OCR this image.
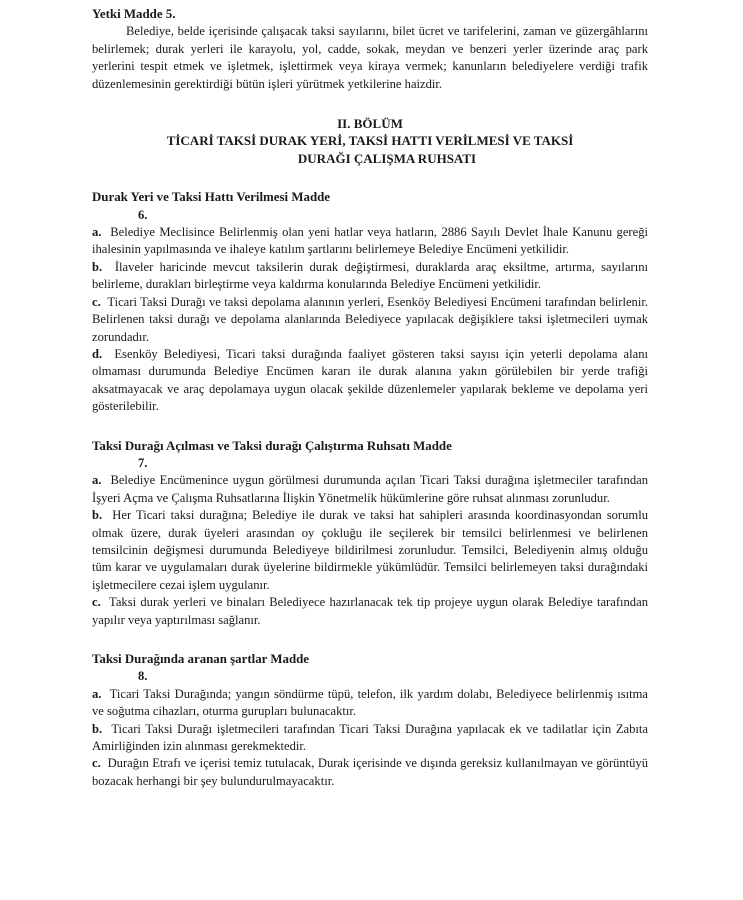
Yetki Madde 5.

Belediye, belde içerisinde çalışacak taksi sayılarını, bilet ücret ve tarifelerini, zaman ve güzergâhlarını belirlemek; durak yerleri ile karayolu, yol, cadde, sokak, meydan ve benzeri yerler üzerinde araç park yerlerini tespit etmek ve işletmek, işlettirmek veya kiraya vermek; kanunların belediyelere verdiği trafik düzenlemesinin gerektirdiği bütün işleri yürütmek yetkilerine haizdir.

II. BÖLÜM

TİCARİ TAKSİ DURAK YERİ, TAKSİ HATTI VERİLMESİ VE TAKSİ

DURAĞI ÇALIŞMA RUHSATI

Durak Yeri ve Taksi Hattı Verilmesi Madde
6.
a. Belediye Meclisince Belirlenmiş olan yeni hatlar veya hatların, 2886 Sayılı Devlet İhale Kanunu gereği ihalesinin yapılmasında ve ihaleye katılım şartlarını belirlemeye Belediye Encümeni yetkilidir.
b. İlaveler haricinde mevcut taksilerin durak değiştirmesi, duraklarda araç eksiltme, artırma, sayılarını belirleme, durakları birleştirme veya kaldırma konularında Belediye Encümeni yetkilidir.
c. Ticari Taksi Durağı ve taksi depolama alanının yerleri, Esenköy Belediyesi Encümeni tarafından belirlenir. Belirlenen taksi durağı ve depolama alanlarında Belediyece yapılacak değişiklere taksi işletmecileri uymak zorundadır.
d. Esenköy Belediyesi, Ticari taksi durağında faaliyet gösteren taksi sayısı için yeterli depolama alanı olmaması durumunda Belediye Encümen kararı ile durak alanına yakın görülebilen bir yerde trafiği aksatmayacak ve araç depolamaya uygun olacak şekilde düzenlemeler yapılarak bekleme ve depolama yeri gösterilebilir.
Taksi Durağı Açılması ve Taksi durağı Çalıştırma Ruhsatı Madde
7.
a. Belediye Encümenince uygun görülmesi durumunda açılan Ticari Taksi durağına işletmeciler tarafından İşyeri Açma ve Çalışma Ruhsatlarına İlişkin Yönetmelik hükümlerine göre ruhsat alınması zorunludur.
b. Her Ticari taksi durağına; Belediye ile durak ve taksi hat sahipleri arasında koordinasyondan sorumlu olmak üzere, durak üyeleri arasından oy çokluğu ile seçilerek bir temsilci belirlenmesi ve belirlenen temsilcinin değişmesi durumunda Belediyeye bildirilmesi zorunludur. Temsilci, Belediyenin almış olduğu tüm karar ve uygulamaları durak üyelerine bildirmekle yükümlüdür. Temsilci belirlemeyen taksi durağındaki işletmecilere cezai işlem uygulanır.
c. Taksi durak yerleri ve binaları Belediyece hazırlanacak tek tip projeye uygun olarak Belediye tarafından yapılır veya yaptırılması sağlanır.
Taksi Durağında aranan şartlar Madde
8.
a. Ticari Taksi Durağında; yangın söndürme tüpü, telefon, ilk yardım dolabı, Belediyece belirlenmiş ısıtma ve soğutma cihazları, oturma gurupları bulunacaktır.
b. Ticari Taksi Durağı işletmecileri tarafından Ticari Taksi Durağına yapılacak ek ve tadilatlar için Zabıta Amirliğinden izin alınması gerekmektedir.
c. Durağın Etrafı ve içerisi temiz tutulacak, Durak içerisinde ve dışında gereksiz kullanılmayan ve görüntüyü bozacak herhangi bir şey bulundurulmayacaktır.
